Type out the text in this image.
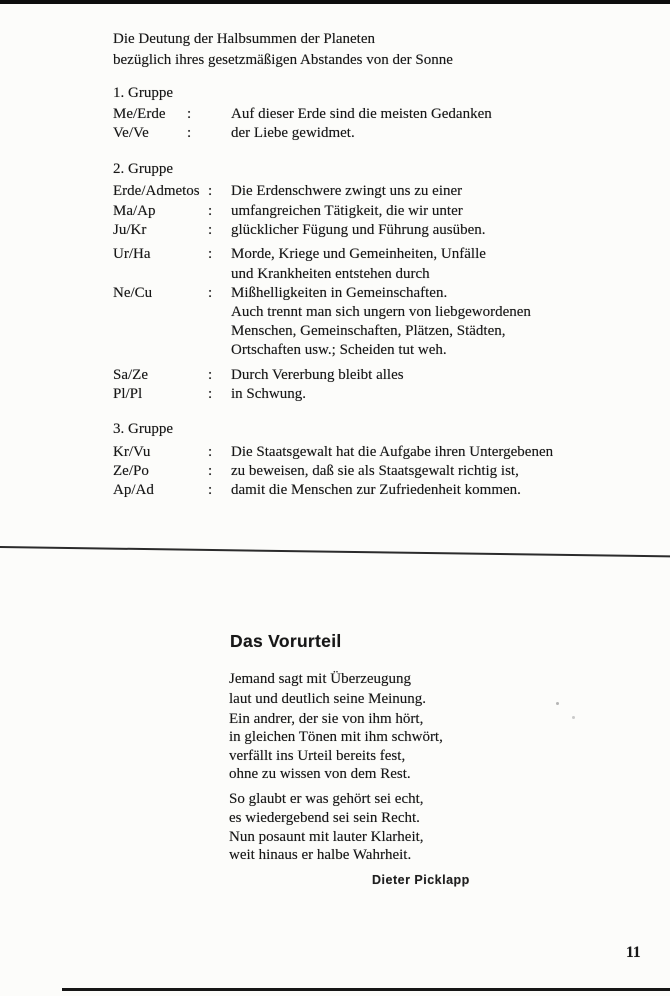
Die Deutung der Halbsummen der Planeten
bezüglich ihres gesetzmäßigen Abstandes von der Sonne
1. Gruppe
Me/Erde :	Auf dieser Erde sind die meisten Gedanken
Ve/Ve	:	der Liebe gewidmet.
2. Gruppe
Erde/Admetos : Die Erdenschwere zwingt uns zu einer
Ma/Ap	: umfangreichen Tätigkeit, die wir unter
Ju/Kr	: glücklicher Fügung und Führung ausüben.
Ur/Ha	: Morde, Kriege und Gemeinheiten, Unfälle
und Krankheiten entstehen durch
Ne/Cu	: Mißhelligkeiten in Gemeinschaften.
Auch trennt man sich ungern von liebgewordenen
Menschen, Gemeinschaften, Plätzen, Städten,
Ortschaften usw.; Scheiden tut weh.
Sa/Ze	: Durch Vererbung bleibt alles
Pl/Pl	: in Schwung.
3. Gruppe
Kr/Vu	: Die Staatsgewalt hat die Aufgabe ihren Untergebenen
Ze/Po	: zu beweisen, daß sie als Staatsgewalt richtig ist,
Ap/Ad	: damit die Menschen zur Zufriedenheit kommen.
Das Vorurteil
Jemand sagt mit Überzeugung
laut und deutlich seine Meinung.
Ein andrer, der sie von ihm hört,
in gleichen Tönen mit ihm schwört,
verfällt ins Urteil bereits fest,
ohne zu wissen von dem Rest.
So glaubt er was gehört sei echt,
es wiedergebend sei sein Recht.
Nun posaunt mit lauter Klarheit,
weit hinaus er halbe Wahrheit.
Dieter Picklapp
11
